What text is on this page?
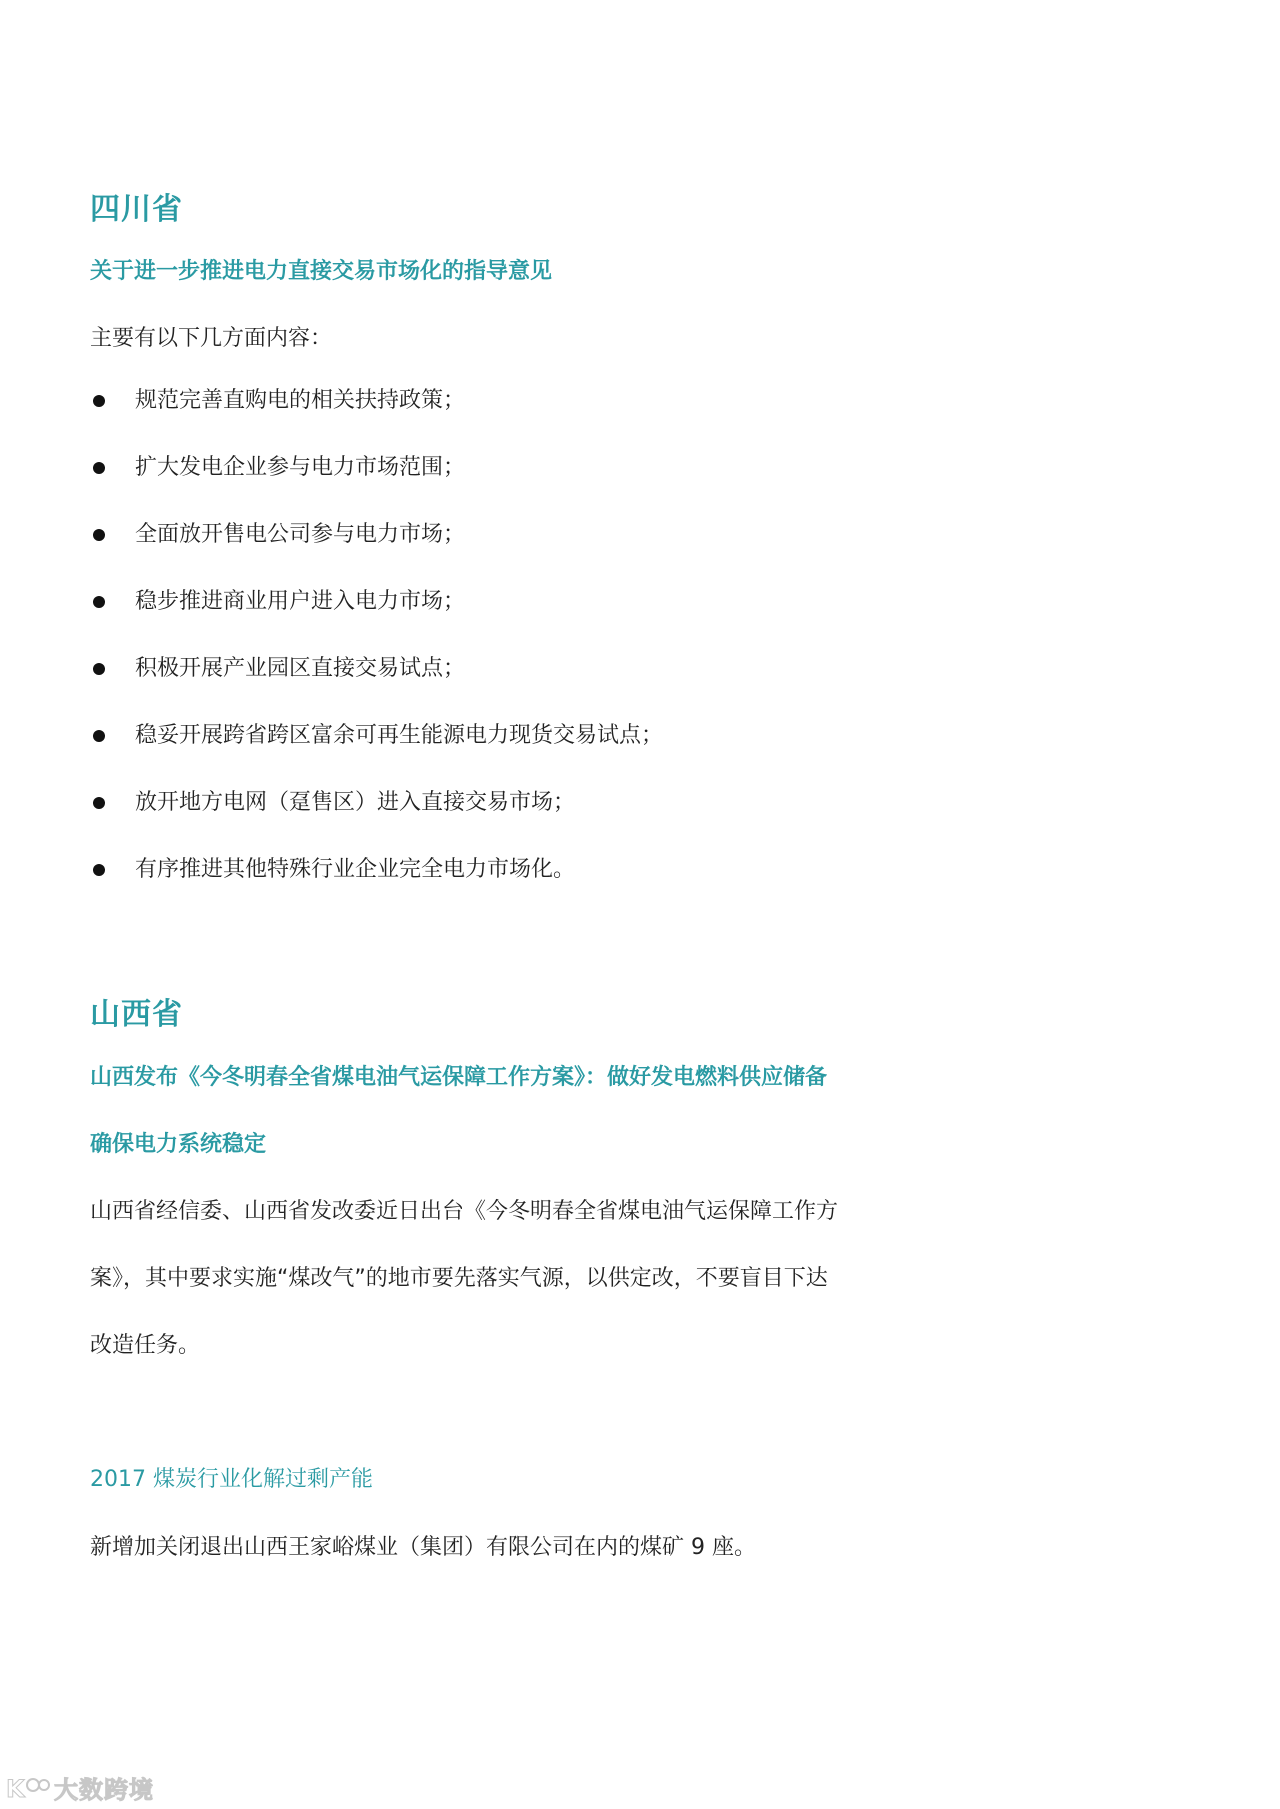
四川省
关于进一步推进电力直接交易市场化的指导意见
主要有以下几方面内容：
规范完善直购电的相关扶持政策；
扩大发电企业参与电力市场范围；
全面放开售电公司参与电力市场；
稳步推进商业用户进入电力市场；
积极开展产业园区直接交易试点；
稳妥开展跨省跨区富余可再生能源电力现货交易试点；
放开地方电网（趸售区）进入直接交易市场；
有序推进其他特殊行业企业完全电力市场化。
山西省
山西发布《今冬明春全省煤电油气运保障工作方案》：做好发电燃料供应储备
确保电力系统稳定
山西省经信委、山西省发改委近日出台《今冬明春全省煤电油气运保障工作方
案》，其中要求实施“煤改气”的地市要先落实气源，以供定改，不要盲目下达
改造任务。
2017 煤炭行业化解过剩产能
新增加关闭退出山西王家峪煤业（集团）有限公司在内的煤矿 9 座。
K 大数跨境
